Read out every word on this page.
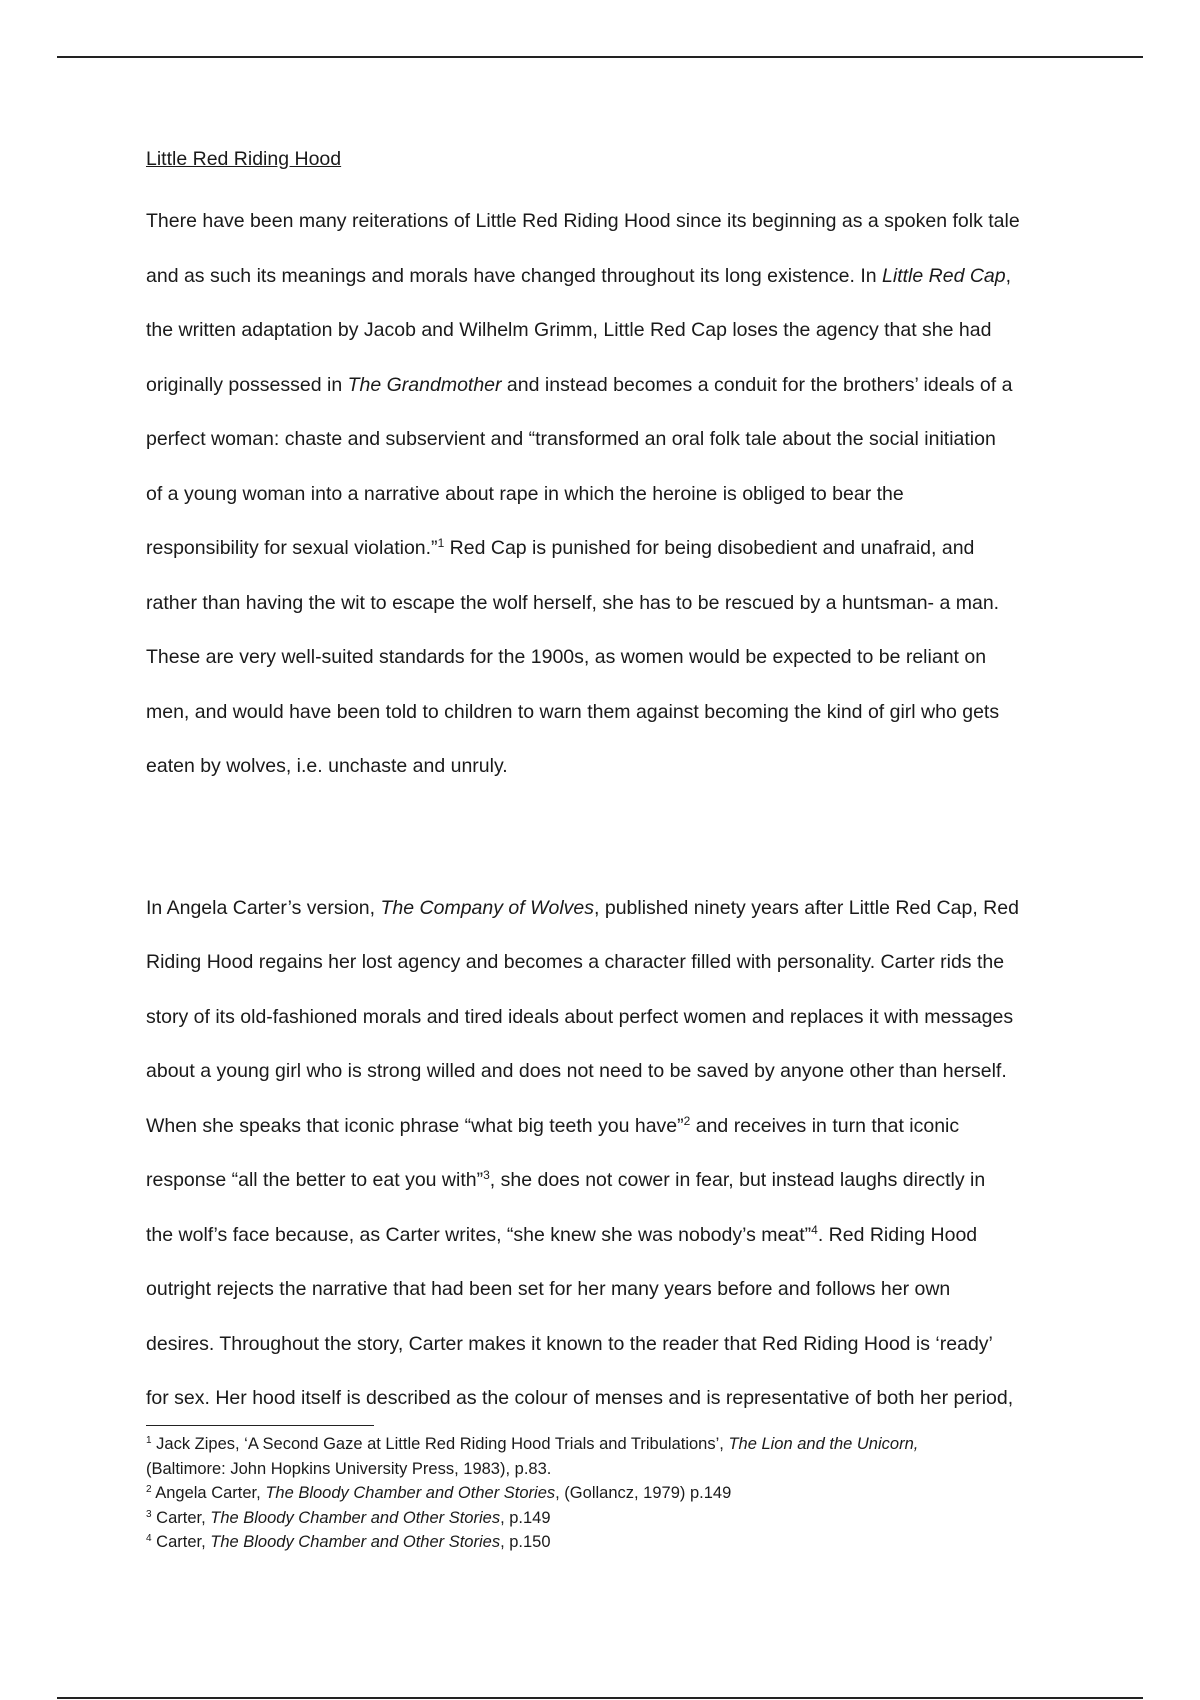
Little Red Riding Hood
There have been many reiterations of Little Red Riding Hood since its beginning as a spoken folk tale
and as such its meanings and morals have changed throughout its long existence. In Little Red Cap,
the written adaptation by Jacob and Wilhelm Grimm, Little Red Cap loses the agency that she had
originally possessed in The Grandmother and instead becomes a conduit for the brothers’ ideals of a
perfect woman: chaste and subservient and “transformed an oral folk tale about the social initiation
of a young woman into a narrative about rape in which the heroine is obliged to bear the
responsibility for sexual violation.”$^1$ Red Cap is punished for being disobedient and unafraid, and
rather than having the wit to escape the wolf herself, she has to be rescued by a huntsman- a man.
These are very well-suited standards for the 1900s, as women would be expected to be reliant on
men, and would have been told to children to warn them against becoming the kind of girl who gets
eaten by wolves, i.e. unchaste and unruly.
In Angela Carter’s version, The Company of Wolves, published ninety years after Little Red Cap, Red
Riding Hood regains her lost agency and becomes a character filled with personality. Carter rids the
story of its old-fashioned morals and tired ideals about perfect women and replaces it with messages
about a young girl who is strong willed and does not need to be saved by anyone other than herself.
When she speaks that iconic phrase “what big teeth you have”$^2$ and receives in turn that iconic
response “all the better to eat you with”$^3$, she does not cower in fear, but instead laughs directly in
the wolf’s face because, as Carter writes, “she knew she was nobody’s meat”$^4$. Red Riding Hood
outright rejects the narrative that had been set for her many years before and follows her own
desires. Throughout the story, Carter makes it known to the reader that Red Riding Hood is ‘ready’
for sex. Her hood itself is described as the colour of menses and is representative of both her period,
$^1$ Jack Zipes, ‘A Second Gaze at Little Red Riding Hood Trials and Tribulations’, The Lion and the Unicorn,
(Baltimore: John Hopkins University Press, 1983), p.83.
$^2$ Angela Carter, The Bloody Chamber and Other Stories, (Gollancz, 1979) p.149
$^3$ Carter, The Bloody Chamber and Other Stories, p.149
$^4$ Carter, The Bloody Chamber and Other Stories, p.150
